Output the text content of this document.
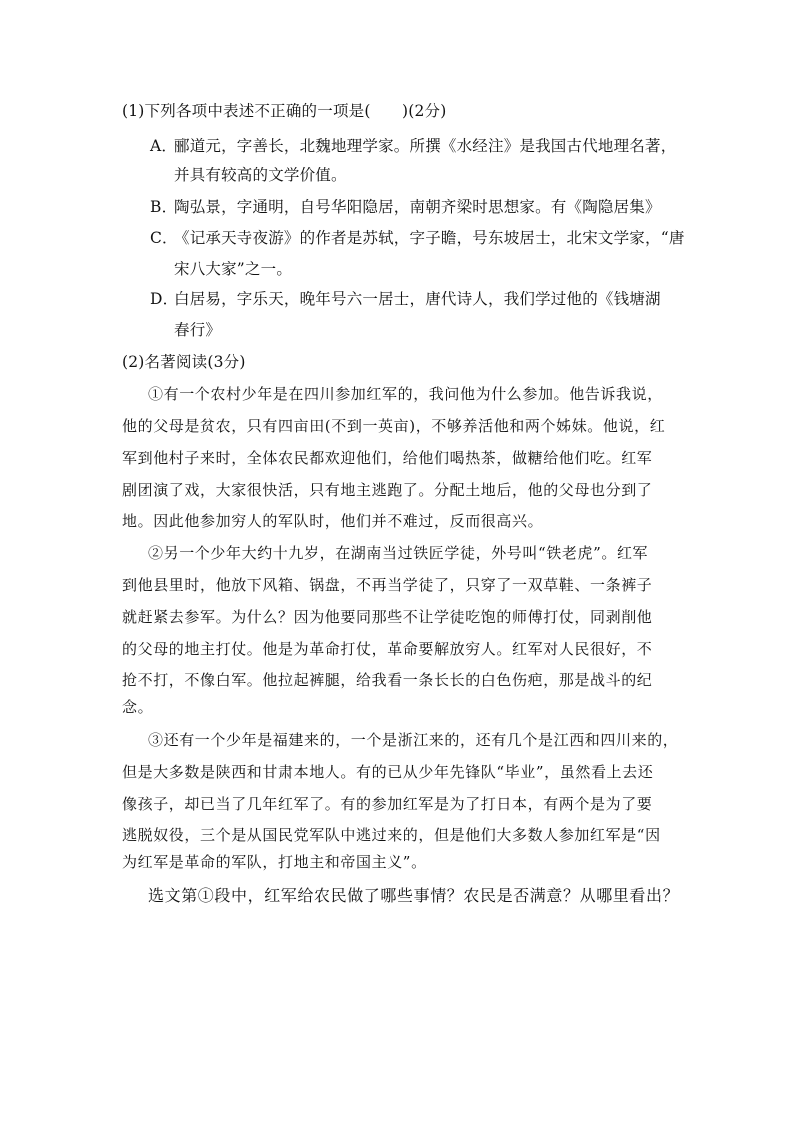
(1)下列各项中表述不正确的一项是(　　)(2分)
A．
郦道元，字善长，北魏地理学家。所撰《水经注》是我国古代地理名著，
并具有较高的文学价值。
B．
陶弘景，字通明，自号华阳隐居，南朝齐梁时思想家。有《陶隐居集》
C．
《记承天寺夜游》的作者是苏轼，字子瞻，号东坡居士，北宋文学家，“唐
宋八大家”之一。
D．
白居易，字乐天，晚年号六一居士，唐代诗人，我们学过他的《钱塘湖
春行》
(2)名著阅读(3分)
①有一个农村少年是在四川参加红军的，我问他为什么参加。他告诉我说，
他的父母是贫农，只有四亩田(不到一英亩)，不够养活他和两个姊妹。他说，红
军到他村子来时，全体农民都欢迎他们，给他们喝热茶，做糖给他们吃。红军
剧团演了戏，大家很快活，只有地主逃跑了。分配土地后，他的父母也分到了
地。因此他参加穷人的军队时，他们并不难过，反而很高兴。
②另一个少年大约十九岁，在湖南当过铁匠学徒，外号叫“铁老虎”。红军
到他县里时，他放下风箱、锅盘，不再当学徒了，只穿了一双草鞋、一条裤子
就赶紧去参军。为什么？因为他要同那些不让学徒吃饱的师傅打仗，同剥削他
的父母的地主打仗。他是为革命打仗，革命要解放穷人。红军对人民很好，不
抢不打，不像白军。他拉起裤腿，给我看一条长长的白色伤疤，那是战斗的纪
念。
③还有一个少年是福建来的，一个是浙江来的，还有几个是江西和四川来的，
但是大多数是陕西和甘肃本地人。有的已从少年先锋队“毕业”，虽然看上去还
像孩子，却已当了几年红军了。有的参加红军是为了打日本，有两个是为了要
逃脱奴役，三个是从国民党军队中逃过来的，但是他们大多数人参加红军是“因
为红军是革命的军队，打地主和帝国主义”。
选文第①段中，红军给农民做了哪些事情？农民是否满意？从哪里看出？
